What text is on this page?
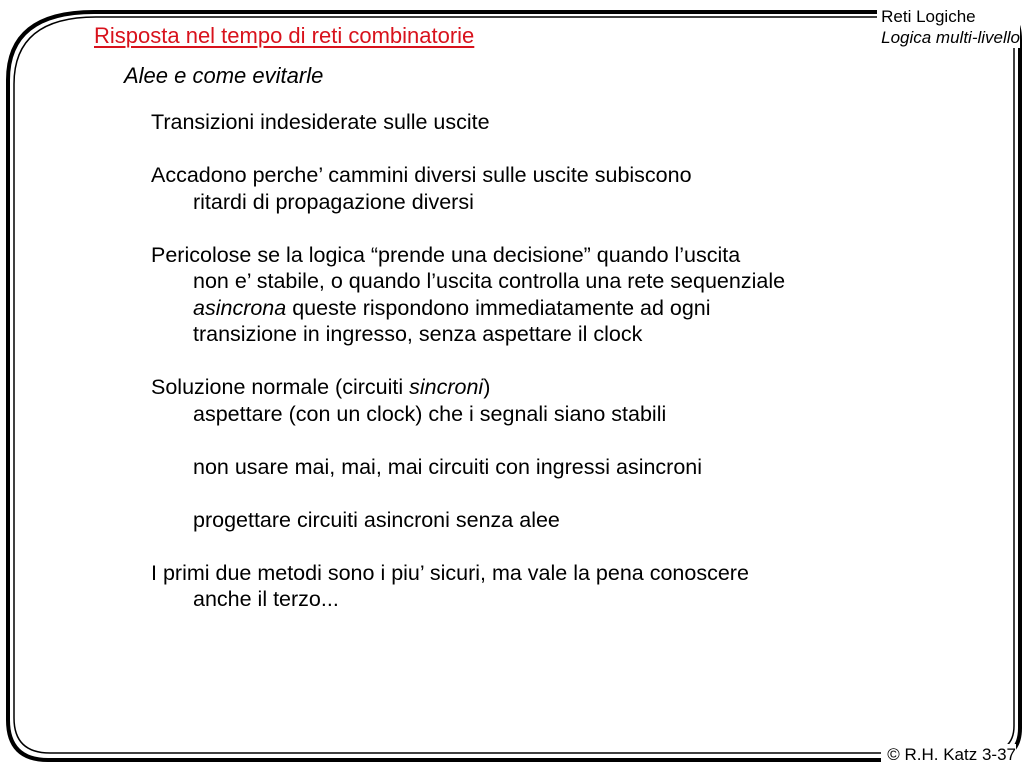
Reti Logiche
Logica multi-livello
Risposta nel tempo di reti combinatorie
Alee e come evitarle
Transizioni indesiderate sulle uscite
Accadono perche’ cammini diversi sulle uscite subiscono
ritardi di propagazione diversi
Pericolose se la logica “prende una decisione” quando l’uscita
non e’ stabile, o quando l’uscita controlla una rete sequenziale
asincrona queste rispondono immediatamente ad ogni
transizione in ingresso, senza aspettare il clock
Soluzione normale (circuiti sincroni)
aspettare (con un clock) che i segnali siano stabili
non usare mai, mai, mai circuiti con ingressi asincroni
progettare circuiti asincroni senza alee
I primi due metodi sono i piu’ sicuri, ma vale la pena conoscere
anche il terzo...
© R.H. Katz 3-37
